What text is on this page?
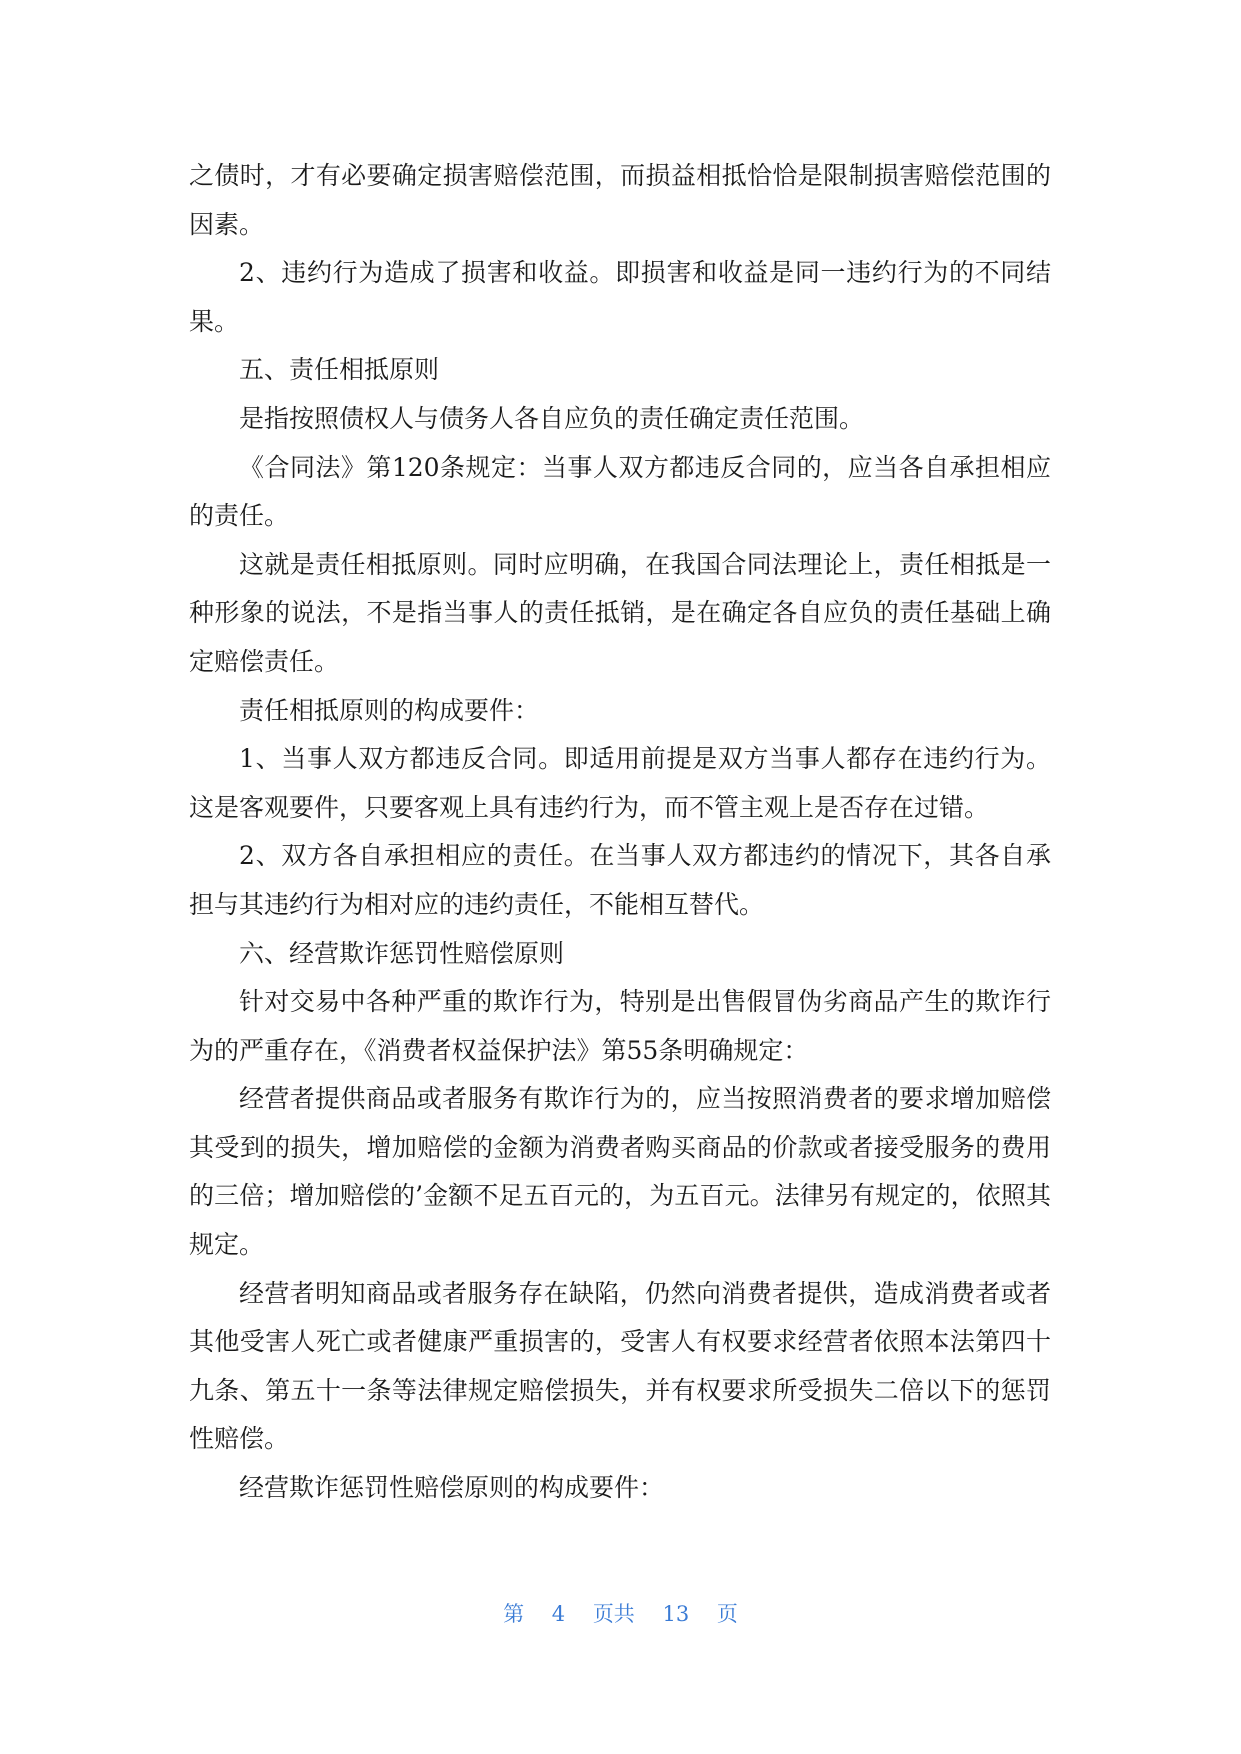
之债时，才有必要确定损害赔偿范围，而损益相抵恰恰是限制损害赔偿范围的因素。

2、违约行为造成了损害和收益。即损害和收益是同一违约行为的不同结果。

五、责任相抵原则

是指按照债权人与债务人各自应负的责任确定责任范围。

《合同法》第120条规定：当事人双方都违反合同的，应当各自承担相应的责任。

这就是责任相抵原则。同时应明确，在我国合同法理论上，责任相抵是一种形象的说法，不是指当事人的责任抵销，是在确定各自应负的责任基础上确定赔偿责任。

责任相抵原则的构成要件：

1、当事人双方都违反合同。即适用前提是双方当事人都存在违约行为。这是客观要件，只要客观上具有违约行为，而不管主观上是否存在过错。

2、双方各自承担相应的责任。在当事人双方都违约的情况下，其各自承担与其违约行为相对应的违约责任，不能相互替代。

六、经营欺诈惩罚性赔偿原则

针对交易中各种严重的欺诈行为，特别是出售假冒伪劣商品产生的欺诈行为的严重存在，《消费者权益保护法》第55条明确规定：

经营者提供商品或者服务有欺诈行为的，应当按照消费者的要求增加赔偿其受到的损失，增加赔偿的金额为消费者购买商品的价款或者接受服务的费用的三倍；增加赔偿的’金额不足五百元的，为五百元。法律另有规定的，依照其规定。

经营者明知商品或者服务存在缺陷，仍然向消费者提供，造成消费者或者其他受害人死亡或者健康严重损害的，受害人有权要求经营者依照本法第四十九条、第五十一条等法律规定赔偿损失，并有权要求所受损失二倍以下的惩罚性赔偿。

经营欺诈惩罚性赔偿原则的构成要件：

第 4 页共 13 页
